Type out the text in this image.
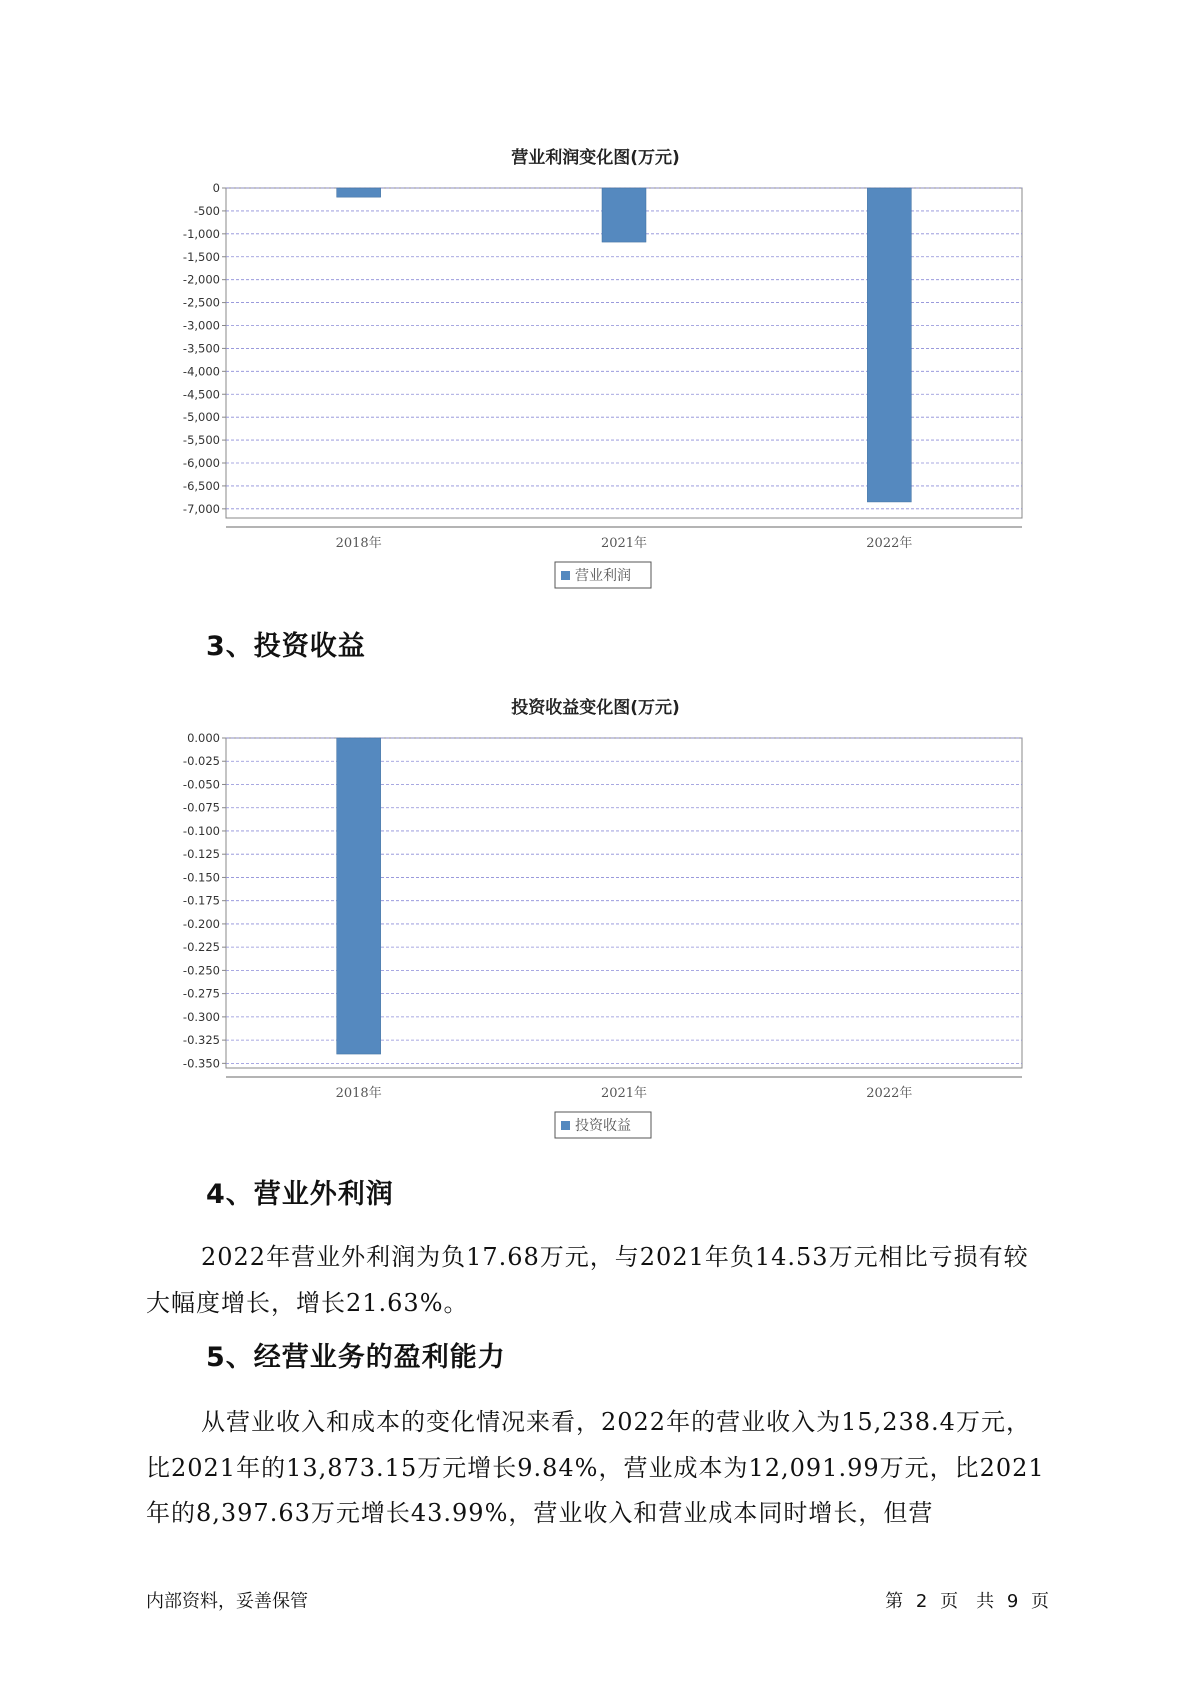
营业利润变化图(万元)
0
-500
-1,000
-1,500
-2,000
-2,500
-3,000
-3,500
-4,000
-4,500
-5,000
-5,500
-6,000
-6,500
-7,000
2018年	2021年	2022年
营业利润
3、投资收益
投资收益变化图(万元)
0.000
-0.025
-0.050
-0.075
-0.100
-0.125
-0.150
-0.175
-0.200
-0.225
-0.250
-0.275
-0.300
-0.325
-0.350
2018年	2021年	2022年
投资收益
4、营业外利润

2022年营业外利润为负17.68万元，与2021年负14.53万元相比亏损有较大幅度增长，增长21.63%。

5、经营业务的盈利能力

从营业收入和成本的变化情况来看，2022年的营业收入为15,238.4万元，比2021年的13,873.15万元增长9.84%，营业成本为12,091.99万元，比2021年的8,397.63万元增长43.99%，营业收入和营业成本同时增长，但营

内部资料，妥善保管	第 2 页　共 9 页
